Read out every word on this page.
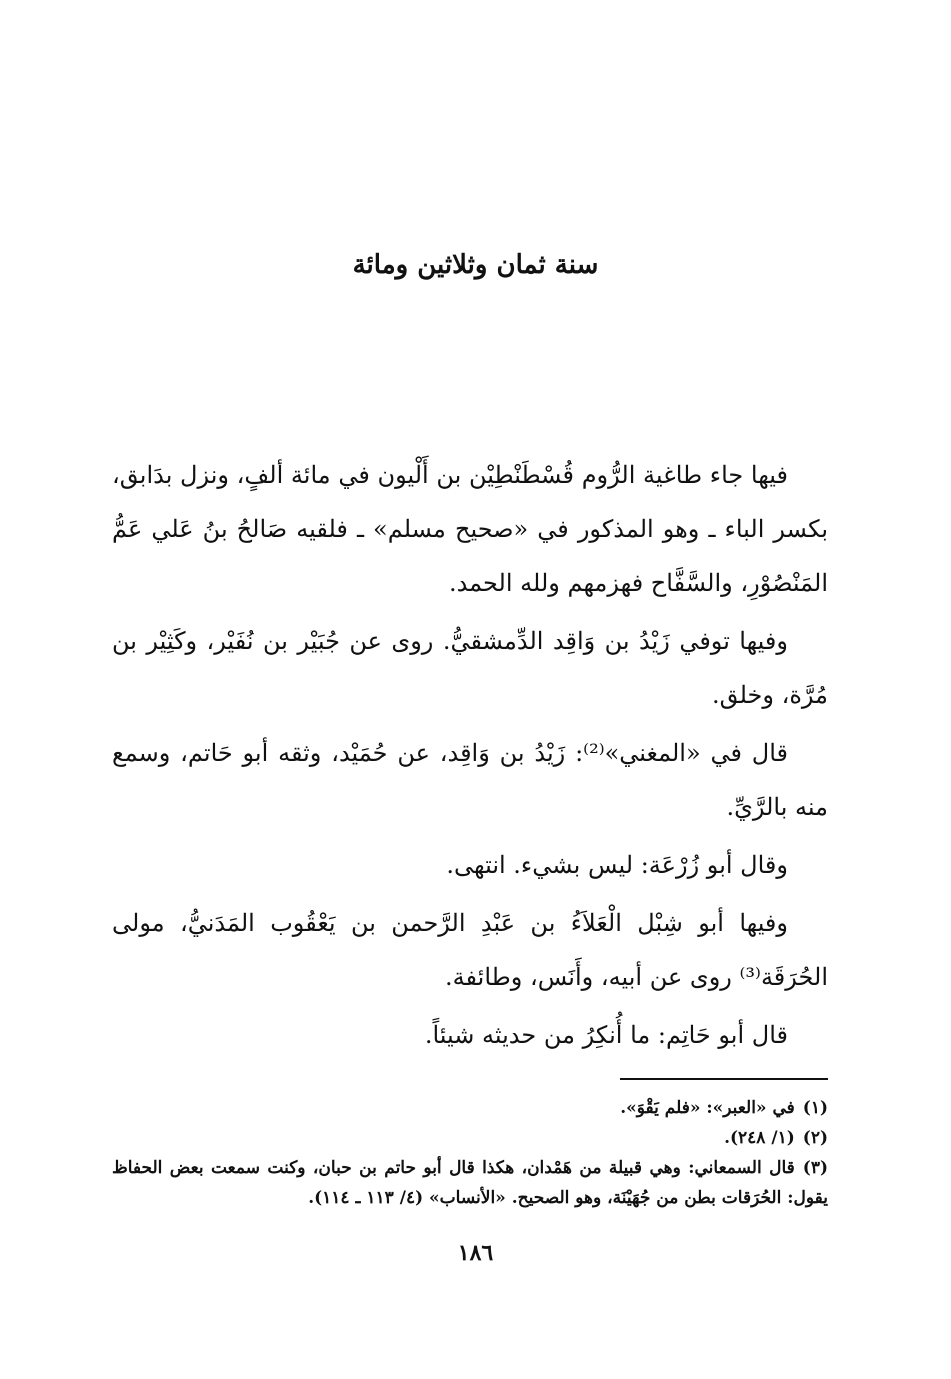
سنة ثمان وثلاثين ومائة

فيها جاء طاغية الرُّوم قُسْطَنْطِيْن بن أَلْيون في مائة ألفٍ، ونزل بدَابق، بكسر الباء ـ وهو المذكور في «صحيح مسلم» ـ فلقيه صَالحُ بنُ عَلي عَمُّ المَنْصُوْرِ، والسَّفَّاح فهزمهم ولله الحمد.

وفيها توفي زَيْدُ بن وَاقِد الدِّمشقيُّ. روى عن جُبَيْر بن نُفَيْر، وكَثِيْر بن مُرَّة، وخلق.

قال في «المغني»⁽²⁾: زَيْدُ بن وَاقِد، عن حُمَيْد، وثقه أبو حَاتم، وسمع منه بالرَّيِّ.

وقال أبو زُرْعَة: ليس بشيء. انتهى.

وفيها أبو شِبْل الْعَلاَءُ بن عَبْدِ الرَّحمن بن يَعْقُوب المَدَنيُّ، مولى الحُرَقَة⁽³⁾ روى عن أبيه، وأَنَس، وطائفة.

قال أبو حَاتِم: ما أُنكِرُ من حديثه شيئاً.

(١)في «العبر»: «فلم يَقْوَ».

(٢)(١/ ٢٤٨).

(٣)قال السمعاني: وهي قبيلة من هَمْدان، هكذا قال أبو حاتم بن حبان، وكنت سمعت بعض الحفاظ يقول: الحُرَقات بطن من جُهَيْنَة، وهو الصحيح. «الأنساب» (٤/ ١١٣ ـ ١١٤).

١٨٦
